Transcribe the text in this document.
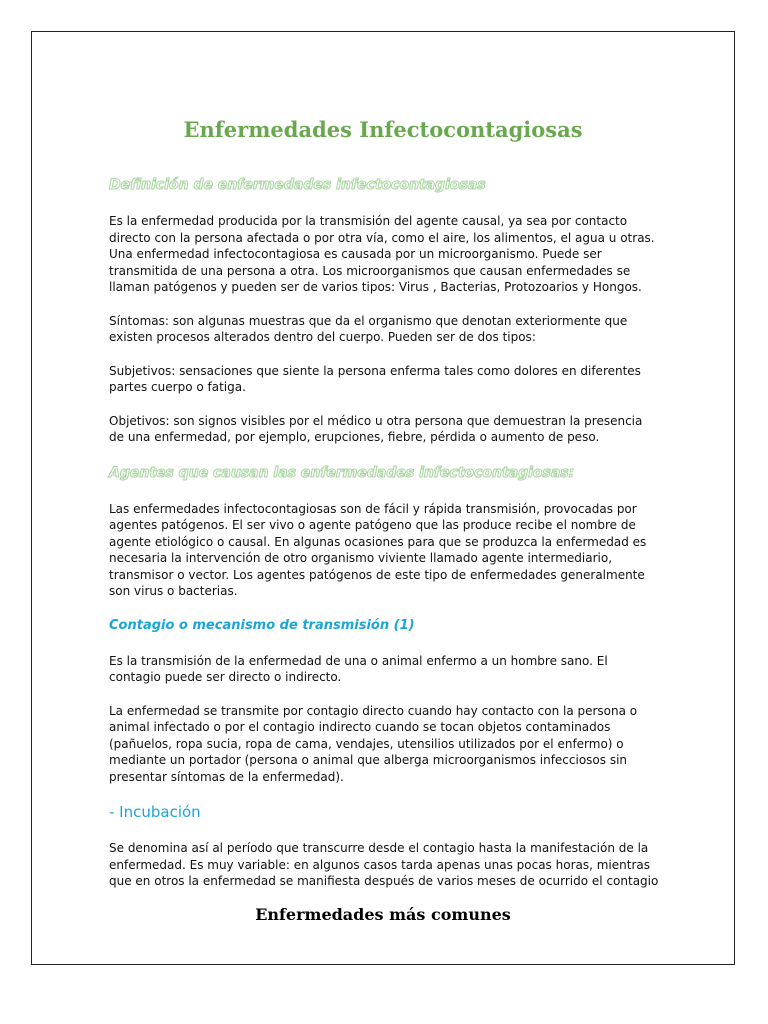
Enfermedades Infectocontagiosas
Definición de enfermedades infectocontagiosas

Es la enfermedad producida por la transmisión del agente causal, ya sea por contacto directo con la persona afectada o por otra vía, como el aire, los alimentos, el agua u otras. Una enfermedad infectocontagiosa es causada por un microorganismo. Puede ser transmitida de una persona a otra. Los microorganismos que causan enfermedades se llaman patógenos y pueden ser de varios tipos: Virus , Bacterias, Protozoarios y Hongos.

Síntomas: son algunas muestras que da el organismo que denotan exteriormente que existen procesos alterados dentro del cuerpo. Pueden ser de dos tipos:

Subjetivos: sensaciones que siente la persona enferma tales como dolores en diferentes partes cuerpo o fatiga.

Objetivos: son signos visibles por el médico u otra persona que demuestran la presencia de una enfermedad, por ejemplo, erupciones, fiebre, pérdida o aumento de peso.

Agentes que causan las enfermedades infectocontagiosas:

Las enfermedades infectocontagiosas son de fácil y rápida transmisión, provocadas por agentes patógenos. El ser vivo o agente patógeno que las produce recibe el nombre de agente etiológico o causal. En algunas ocasiones para que se produzca la enfermedad es necesaria la intervención de otro organismo viviente llamado agente intermediario, transmisor o vector. Los agentes patógenos de este tipo de enfermedades generalmente son virus o bacterias.

Contagio o mecanismo de transmisión (1)

Es la transmisión de la enfermedad de una o animal enfermo a un hombre sano. El contagio puede ser directo o indirecto.

La enfermedad se transmite por contagio directo cuando hay contacto con la persona o animal infectado o por el contagio indirecto cuando se tocan objetos contaminados (pañuelos, ropa sucia, ropa de cama, vendajes, utensilios utilizados por el enfermo) o mediante un portador (persona o animal que alberga microorganismos infecciosos sin presentar síntomas de la enfermedad).

- Incubación

Se denomina así al período que transcurre desde el contagio hasta la manifestación de la enfermedad. Es muy variable: en algunos casos tarda apenas unas pocas horas, mientras que en otros la enfermedad se manifiesta después de varios meses de ocurrido el contagio

Enfermedades más comunes
